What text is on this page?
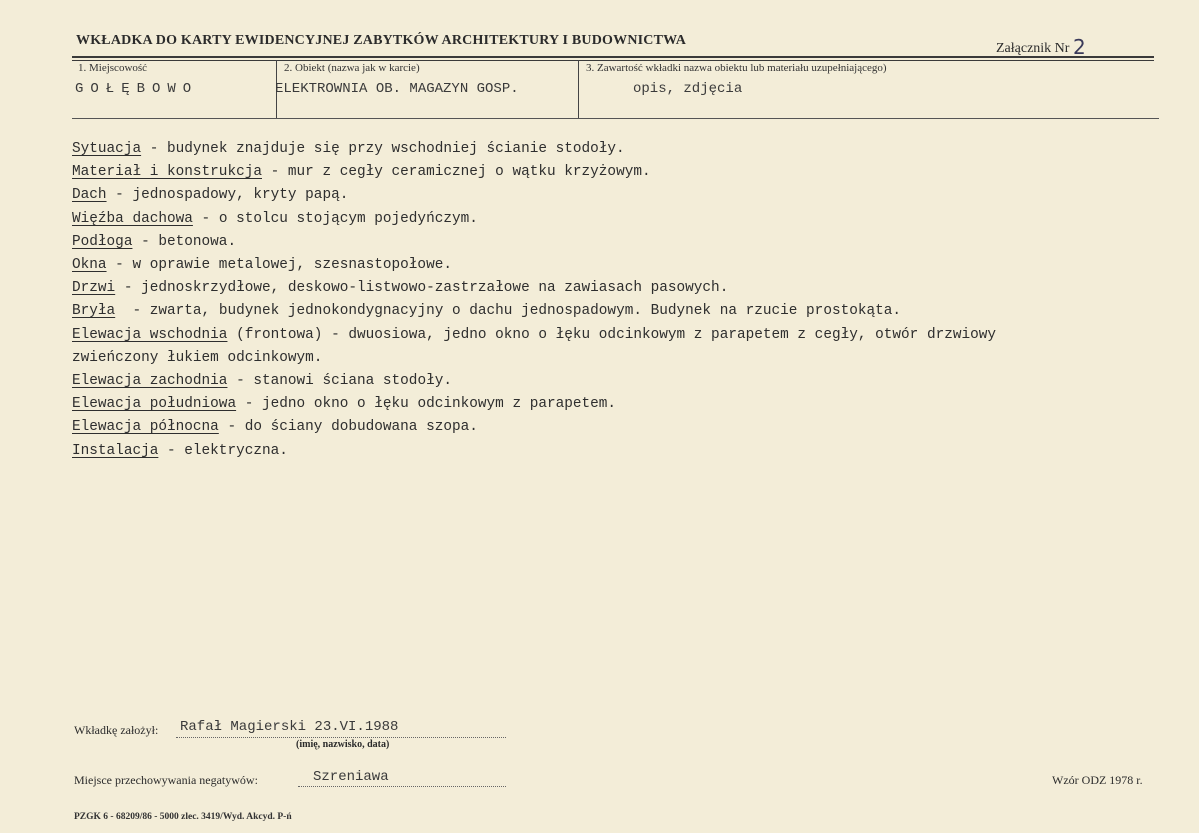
WKŁADKA DO KARTY EWIDENCYJNEJ ZABYTKÓW ARCHITEKTURY I BUDOWNICTWA
Załącznik Nr 2
1. Miejscowość
GOŁĘBOWO
2. Obiekt (nazwa jak w karcie)
ELEKTROWNIA OB. MAGAZYN GOSP.
3. Zawartość wkładki nazwa obiektu lub materiału uzupełniającego)
opis, zdjęcia
Sytuacja - budynek znajduje się przy wschodniej ścianie stodoły.
Materiał i konstrukcja - mur z cegły ceramicznej o wątku krzyżowym.
Dach - jednospadowy, kryty papą.
Więźba dachowa - o stolcu stojącym pojedyńczym.
Podłoga - betonowa.
Okna - w oprawie metalowej, szesnastopołowe.
Drzwi - jednoskrzydłowe, deskowo-listwowo-zastrzałowe na zawiasach pasowych.
Bryła  - zwarta, budynek jednokondygnacyjny o dachu jednospadowym. Budynek na rzucie prostokąta.
Elewacja wschodnia (frontowa) - dwuosiowa, jedno okno o łęku odcinkowym z parapetem z cegły, otwór drzwiowy
zwieńczony łukiem odcinkowym.
Elewacja zachodnia - stanowi ściana stodoły.
Elewacja południowa - jedno okno o łęku odcinkowym z parapetem.
Elewacja północna - do ściany dobudowana szopa.
Instalacja - elektryczna.
Wkładkę założył: Rafał Magierski 23.VI.1988
(imię, nazwisko, data)
Miejsce przechowywania negatywów:	Szreniawa	Wzór ODZ 1978 r.
PZGK 6 - 68209/86 - 5000 zlec. 3419/Wyd. Akcyd. P-ń
